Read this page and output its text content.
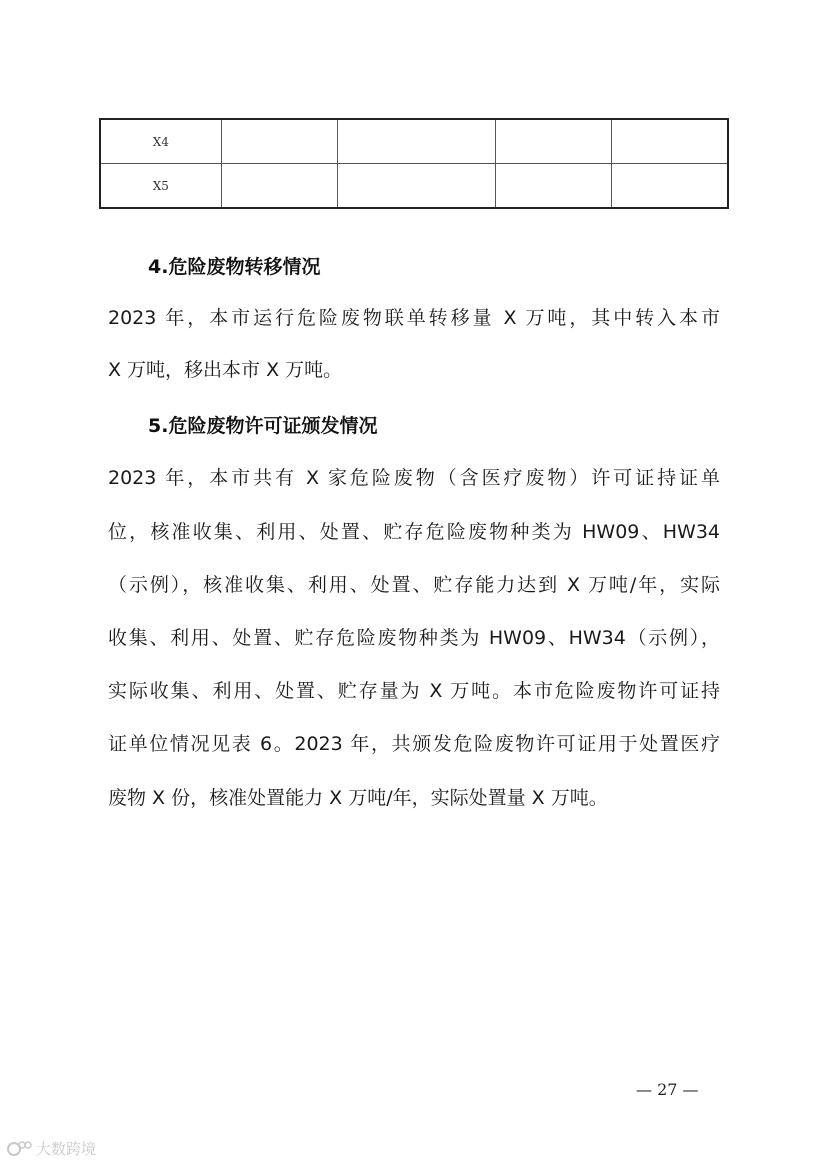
X4				
X5				
4.危险废物转移情况
2023 年，本市运行危险废物联单转移量 X 万吨，其中转入本市
X 万吨，移出本市 X 万吨。
5.危险废物许可证颁发情况
2023 年，本市共有 X 家危险废物（含医疗废物）许可证持证单
位，核准收集、利用、处置、贮存危险废物种类为 HW09、HW34
（示例），核准收集、利用、处置、贮存能力达到 X 万吨/年，实际
收集、利用、处置、贮存危险废物种类为 HW09、HW34（示例），
实际收集、利用、处置、贮存量为 X 万吨。本市危险废物许可证持
证单位情况见表 6。2023 年，共颁发危险废物许可证用于处置医疗
废物 X 份，核准处置能力 X 万吨/年，实际处置量 X 万吨。
— 27 —
大数跨境
